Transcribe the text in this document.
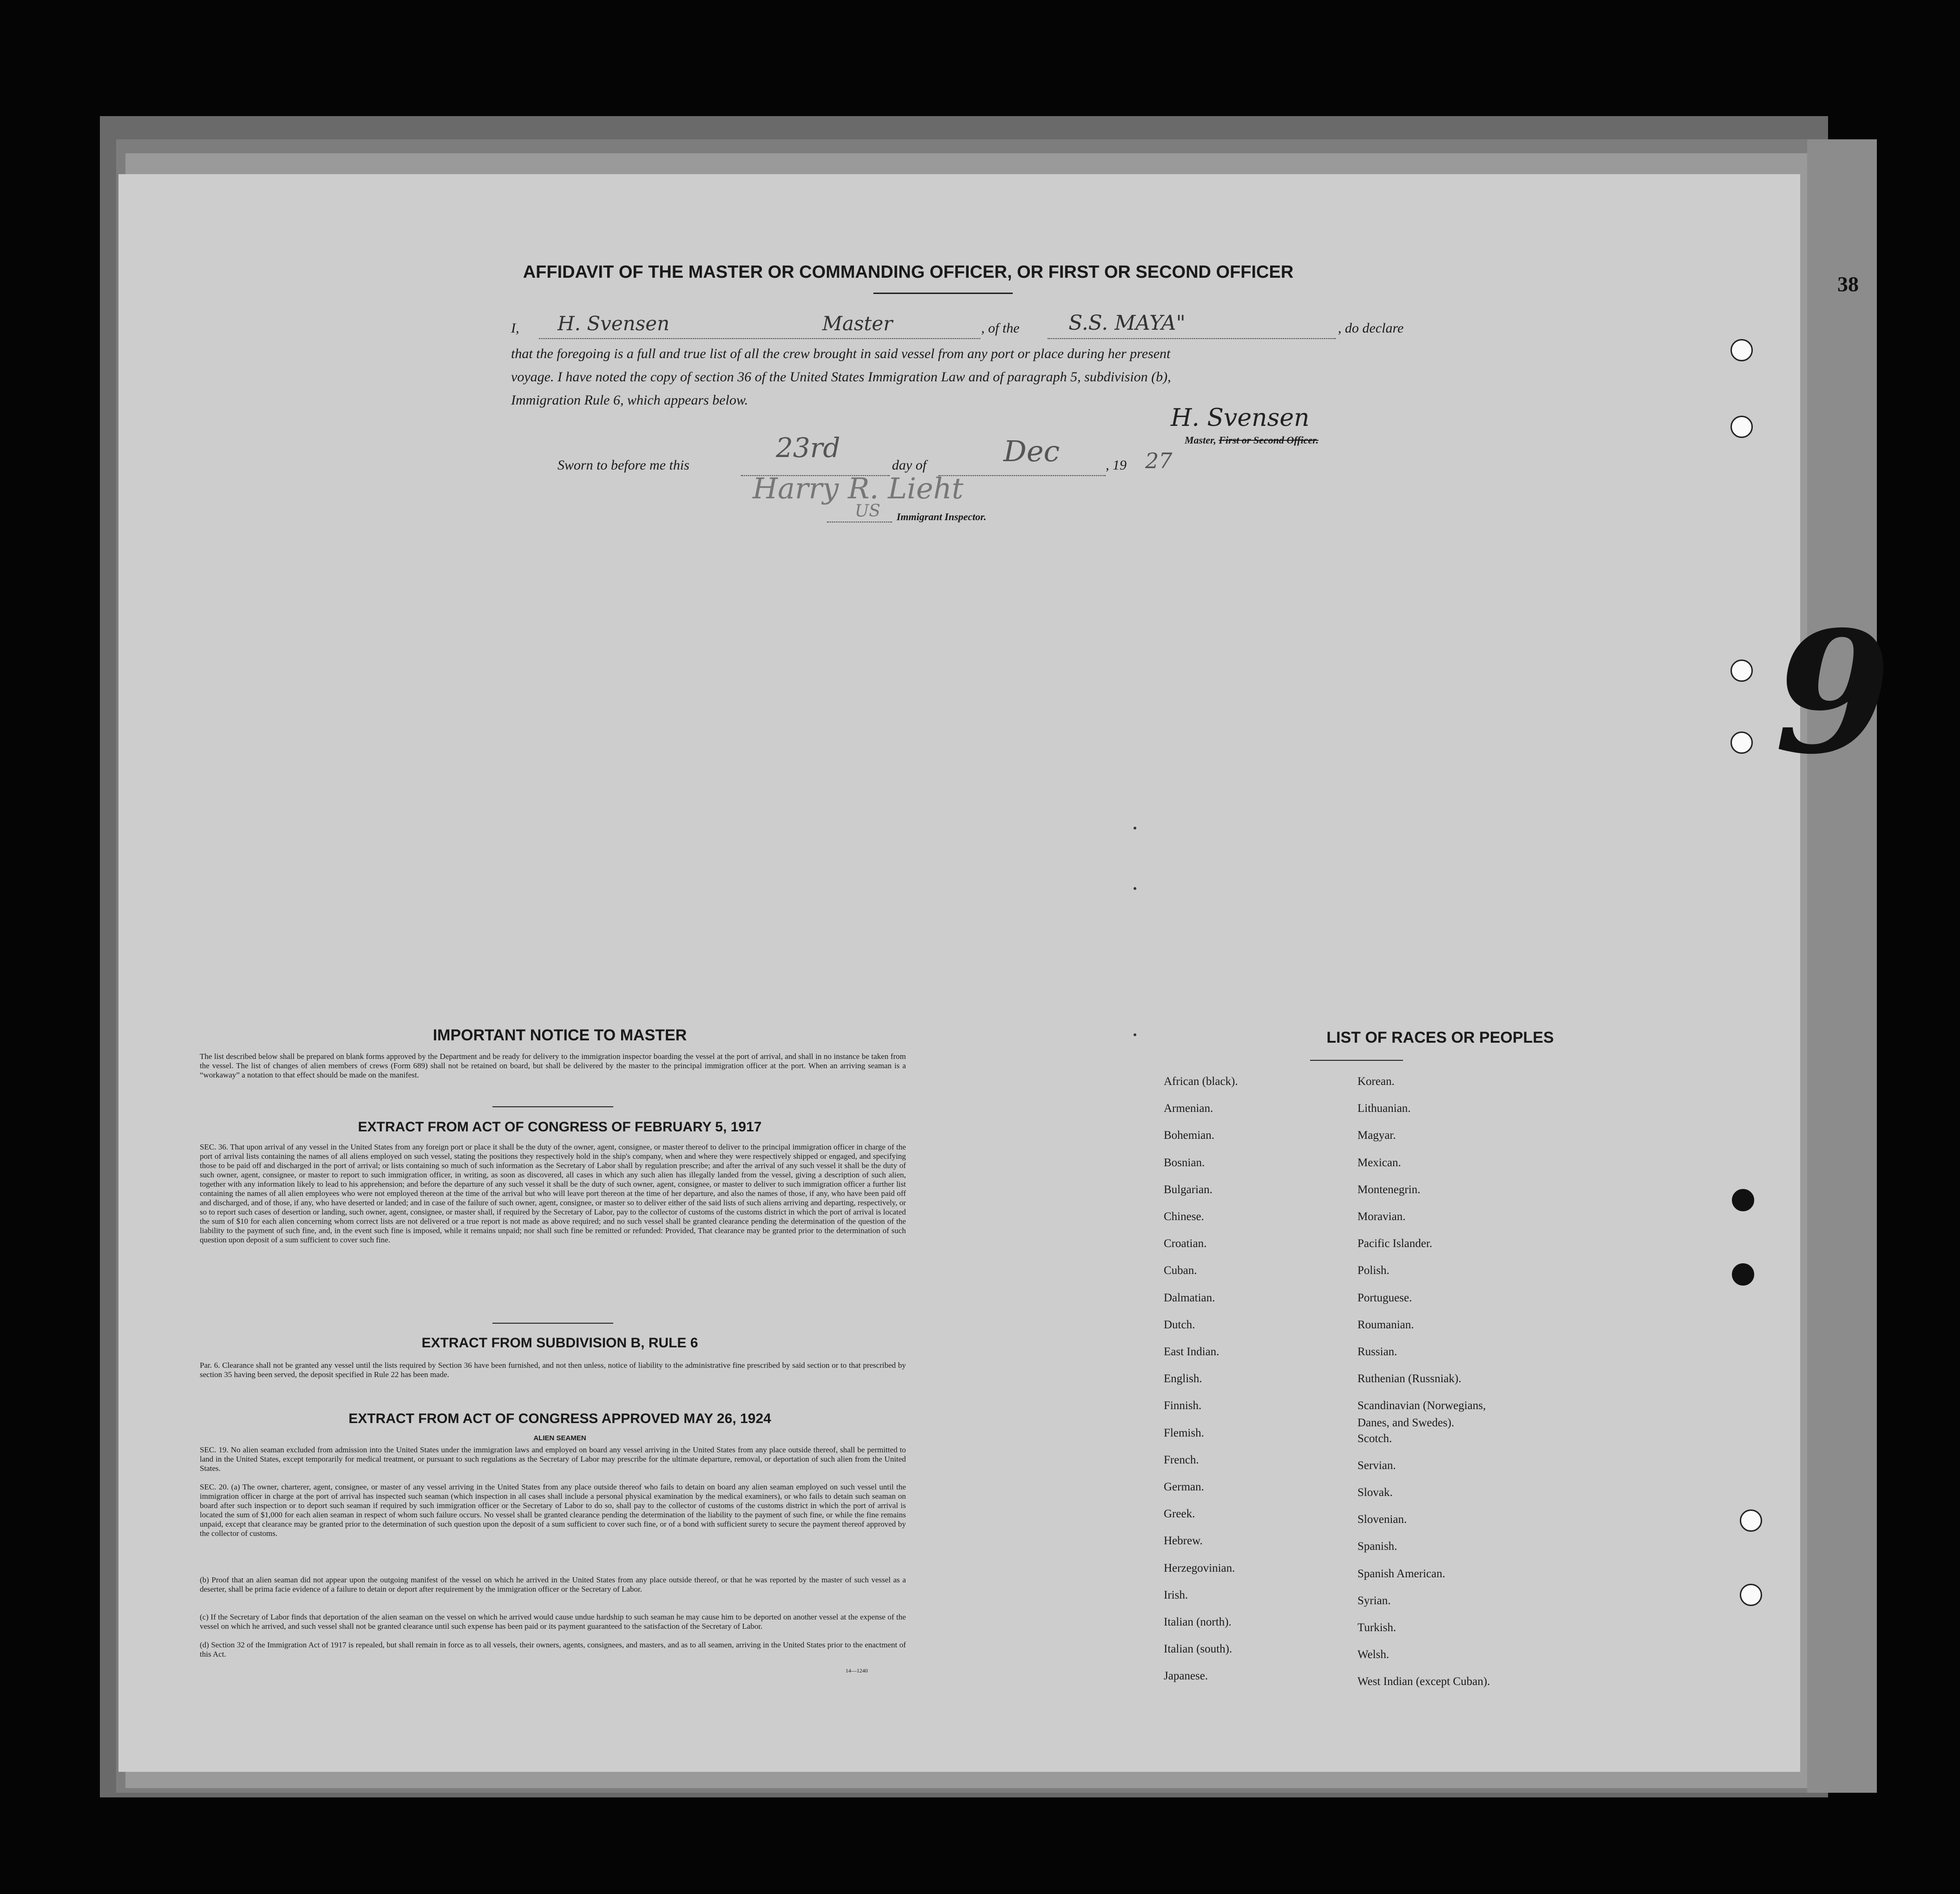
38
9
AFFIDAVIT OF THE MASTER OR COMMANDING OFFICER, OR FIRST OR SECOND OFFICER
I, H. Svensen	Master	, of the S.S. MAYA"	, do declare
that the foregoing is a full and true list of all the crew brought in said vessel from any port or place during her present
voyage. I have noted the copy of section 36 of the United States Immigration Law and of paragraph 5, subdivision (b),
Immigration Rule 6, which appears below.
H. Svensen
Master, First or Second Officer.
Sworn to before me this
23rd
day of	Dec	, 19 27
Harry R. Lieht
US Immigrant Inspector.
IMPORTANT NOTICE TO MASTER
The list described below shall be prepared on blank forms approved by the Department and be ready for delivery to the immigration inspector boarding the vessel at the port of arrival, and shall in no instance be taken from the vessel. The list of changes of alien members of crews (Form 689) shall not be retained on board, but shall be delivered by the master to the principal immigration officer at the port. When an arriving seaman is a “workaway” a notation to that effect should be made on the manifest.
EXTRACT FROM ACT OF CONGRESS OF FEBRUARY 5, 1917
SEC. 36. That upon arrival of any vessel in the United States from any foreign port or place it shall be the duty of the owner, agent, consignee, or master thereof to deliver to the principal immigration officer in charge of the port of arrival lists containing the names of all aliens employed on such vessel, stating the positions they respectively hold in the ship's company, when and where they were respectively shipped or engaged, and specifying those to be paid off and discharged in the port of arrival; or lists containing so much of such information as the Secretary of Labor shall by regulation prescribe; and after the arrival of any such vessel it shall be the duty of such owner, agent, consignee, or master to report to such immigration officer, in writing, as soon as discovered, all cases in which any such alien has illegally landed from the vessel, giving a description of such alien, together with any information likely to lead to his apprehension; and before the departure of any such vessel it shall be the duty of such owner, agent, consignee, or master to deliver to such immigration officer a further list containing the names of all alien employees who were not employed thereon at the time of the arrival but who will leave port thereon at the time of her departure, and also the names of those, if any, who have been paid off and discharged, and of those, if any, who have deserted or landed; and in case of the failure of such owner, agent, consignee, or master so to deliver either of the said lists of such aliens arriving and departing, respectively, or so to report such cases of desertion or landing, such owner, agent, consignee, or master shall, if required by the Secretary of Labor, pay to the collector of customs of the customs district in which the port of arrival is located the sum of $10 for each alien concerning whom correct lists are not delivered or a true report is not made as above required; and no such vessel shall be granted clearance pending the determination of the question of the liability to the payment of such fine, and, in the event such fine is imposed, while it remains unpaid; nor shall such fine be remitted or refunded: Provided, That clearance may be granted prior to the determination of such question upon deposit of a sum sufficient to cover such fine.
EXTRACT FROM SUBDIVISION B, RULE 6
Par. 6. Clearance shall not be granted any vessel until the lists required by Section 36 have been furnished, and not then unless, notice of liability to the administrative fine prescribed by said section or to that prescribed by section 35 having been served, the deposit specified in Rule 22 has been made.
EXTRACT FROM ACT OF CONGRESS APPROVED MAY 26, 1924
ALIEN SEAMEN
SEC. 19. No alien seaman excluded from admission into the United States under the immigration laws and employed on board any vessel arriving in the United States from any place outside thereof, shall be permitted to land in the United States, except temporarily for medical treatment, or pursuant to such regulations as the Secretary of Labor may prescribe for the ultimate departure, removal, or deportation of such alien from the United States.
SEC. 20. (a) The owner, charterer, agent, consignee, or master of any vessel arriving in the United States from any place outside thereof who fails to detain on board any alien seaman employed on such vessel until the immigration officer in charge at the port of arrival has inspected such seaman (which inspection in all cases shall include a personal physical examination by the medical examiners), or who fails to detain such seaman on board after such inspection or to deport such seaman if required by such immigration officer or the Secretary of Labor to do so, shall pay to the collector of customs of the customs district in which the port of arrival is located the sum of $1,000 for each alien seaman in respect of whom such failure occurs. No vessel shall be granted clearance pending the determination of the liability to the payment of such fine, or while the fine remains unpaid, except that clearance may be granted prior to the determination of such question upon the deposit of a sum sufficient to cover such fine, or of a bond with sufficient surety to secure the payment thereof approved by the collector of customs.
(b) Proof that an alien seaman did not appear upon the outgoing manifest of the vessel on which he arrived in the United States from any place outside thereof, or that he was reported by the master of such vessel as a deserter, shall be prima facie evidence of a failure to detain or deport after requirement by the immigration officer or the Secretary of Labor.
(c) If the Secretary of Labor finds that deportation of the alien seaman on the vessel on which he arrived would cause undue hardship to such seaman he may cause him to be deported on another vessel at the expense of the vessel on which he arrived, and such vessel shall not be granted clearance until such expense has been paid or its payment guaranteed to the satisfaction of the Secretary of Labor.
(d) Section 32 of the Immigration Act of 1917 is repealed, but shall remain in force as to all vessels, their owners, agents, consignees, and masters, and as to all seamen, arriving in the United States prior to the enactment of this Act.
14—1240
LIST OF RACES OR PEOPLES
African (black).
Armenian.
Bohemian.
Bosnian.
Bulgarian.
Chinese.
Croatian.
Cuban.
Dalmatian.
Dutch.
East Indian.
English.
Finnish.
Flemish.
French.
German.
Greek.
Hebrew.
Herzegovinian.
Irish.
Italian (north).
Italian (south).
Japanese.
Korean.
Lithuanian.
Magyar.
Mexican.
Montenegrin.
Moravian.
Pacific Islander.
Polish.
Portuguese.
Roumanian.
Russian.
Ruthenian (Russniak).
Scandinavian (Norwegians,
Scotch.
Servian.
Slovak.
Slovenian.
Spanish.
Spanish American.
Syrian.
Turkish.
Welsh.
West Indian (except Cuban).
Danes, and Swedes).
